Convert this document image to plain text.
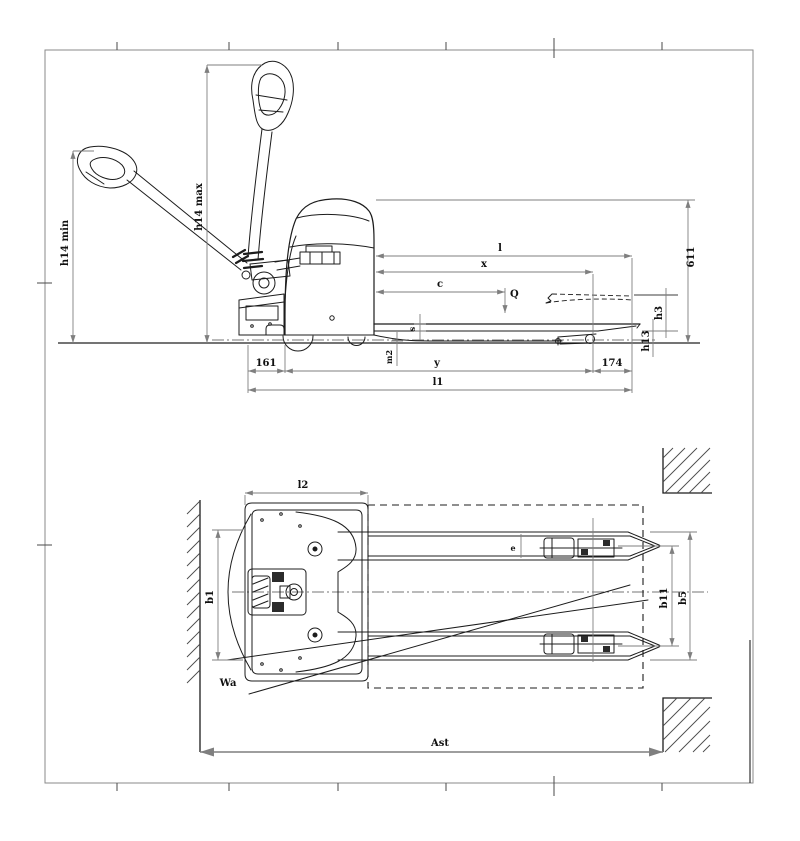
h14 max
h14 min	l
x
c
Q
611
h3
h13
s
m2
161	y	174
l1
l2
b1	b11 b5
e
Wa
Ast
